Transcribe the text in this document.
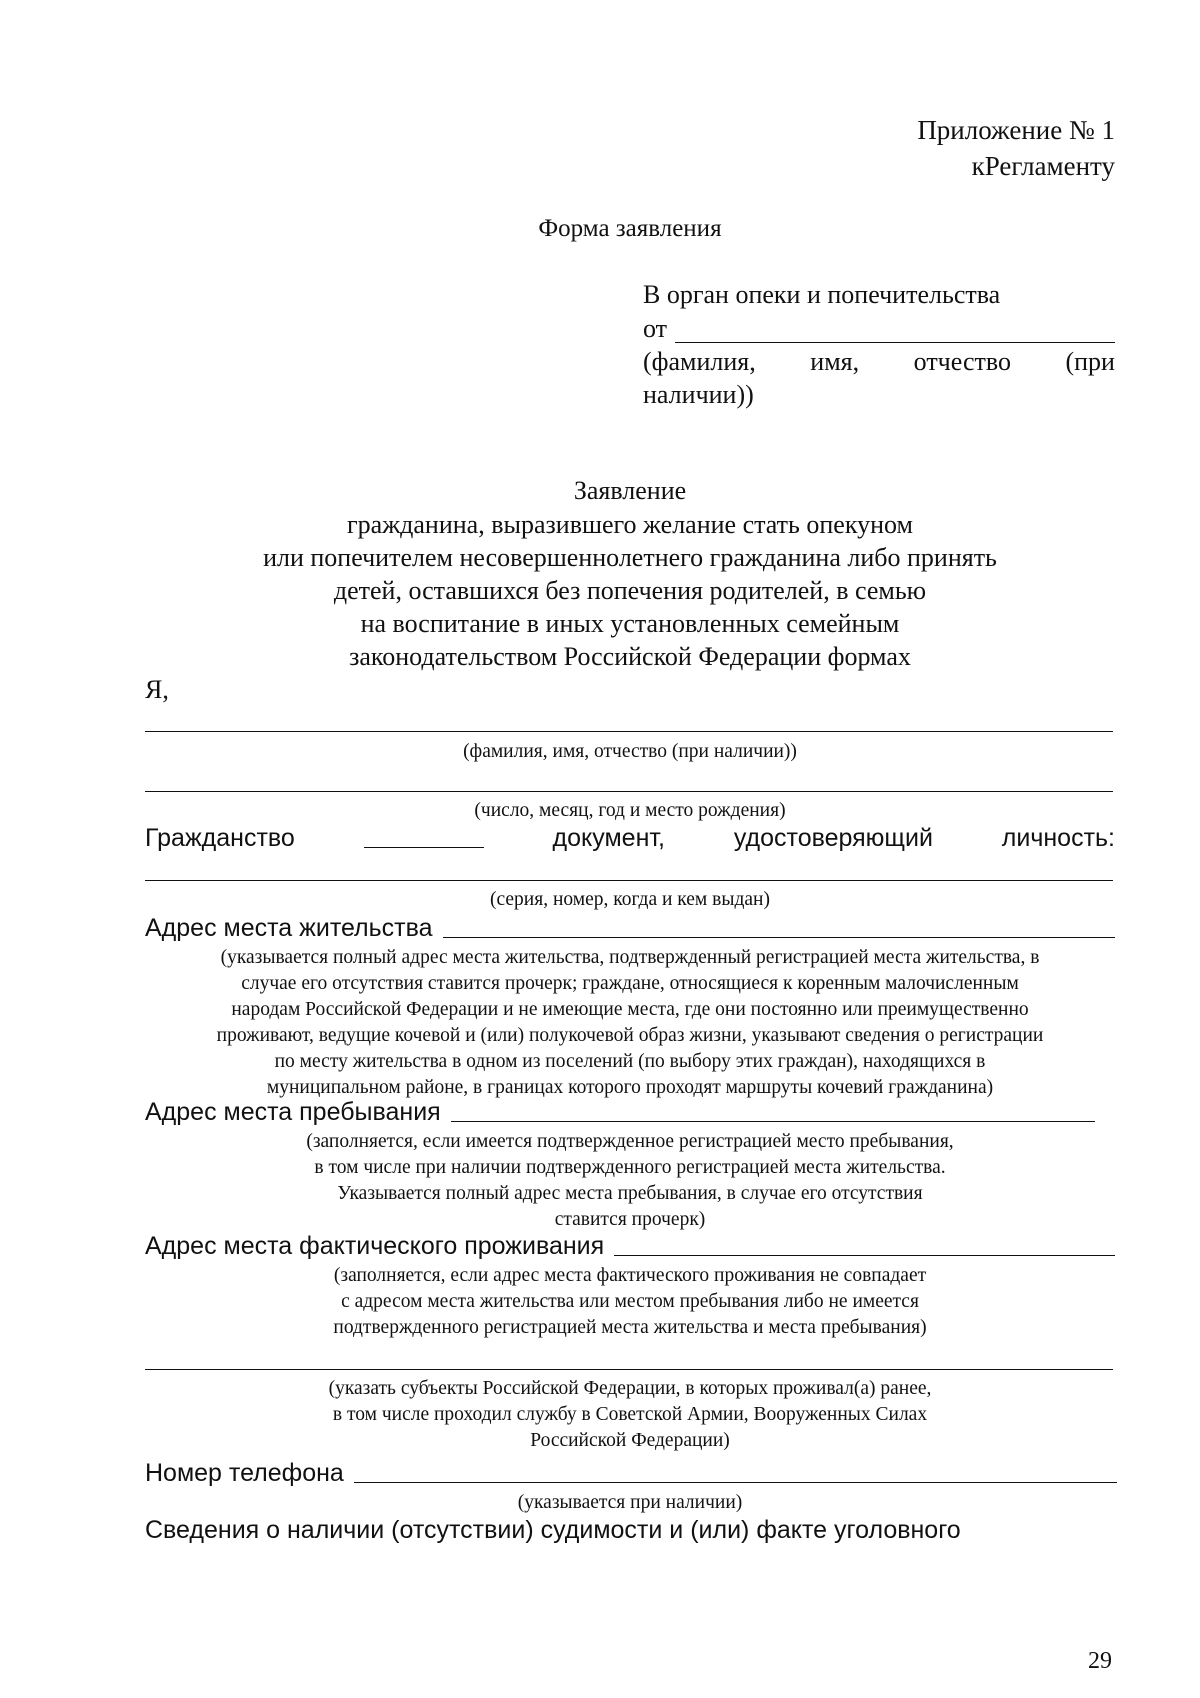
Приложение № 1
кРегламенту
Форма заявления
В орган опеки и попечительства
от
(фамилия, имя, отчество (при
наличии))
Заявление
гражданина, выразившего желание стать опекуном
или попечителем несовершеннолетнего гражданина либо принять
детей, оставшихся без попечения родителей, в семью
на воспитание в иных установленных семейным
законодательством Российской Федерации формах
Я,
(фамилия, имя, отчество (при наличии))
(число, месяц, год и место рождения)
Гражданство	документ,	удостоверяющий	личность:
(серия, номер, когда и кем выдан)
Адрес места жительства
(указывается полный адрес места жительства, подтвержденный регистрацией места жительства, в
случае его отсутствия ставится прочерк; граждане, относящиеся к коренным малочисленным
народам Российской Федерации и не имеющие места, где они постоянно или преимущественно
проживают, ведущие кочевой и (или) полукочевой образ жизни, указывают сведения о регистрации
по месту жительства в одном из поселений (по выбору этих граждан), находящихся в
муниципальном районе, в границах которого проходят маршруты кочевий гражданина)
Адрес места пребывания
(заполняется, если имеется подтвержденное регистрацией место пребывания,
в том числе при наличии подтвержденного регистрацией места жительства.
Указывается полный адрес места пребывания, в случае его отсутствия
ставится прочерк)
Адрес места фактического проживания
(заполняется, если адрес места фактического проживания не совпадает
с адресом места жительства или местом пребывания либо не имеется
подтвержденного регистрацией места жительства и места пребывания)
(указать субъекты Российской Федерации, в которых проживал(а) ранее,
в том числе проходил службу в Советской Армии, Вооруженных Силах
Российской Федерации)
Номер телефона
(указывается при наличии)
Сведения о наличии (отсутствии) судимости и (или) факте уголовного
29
